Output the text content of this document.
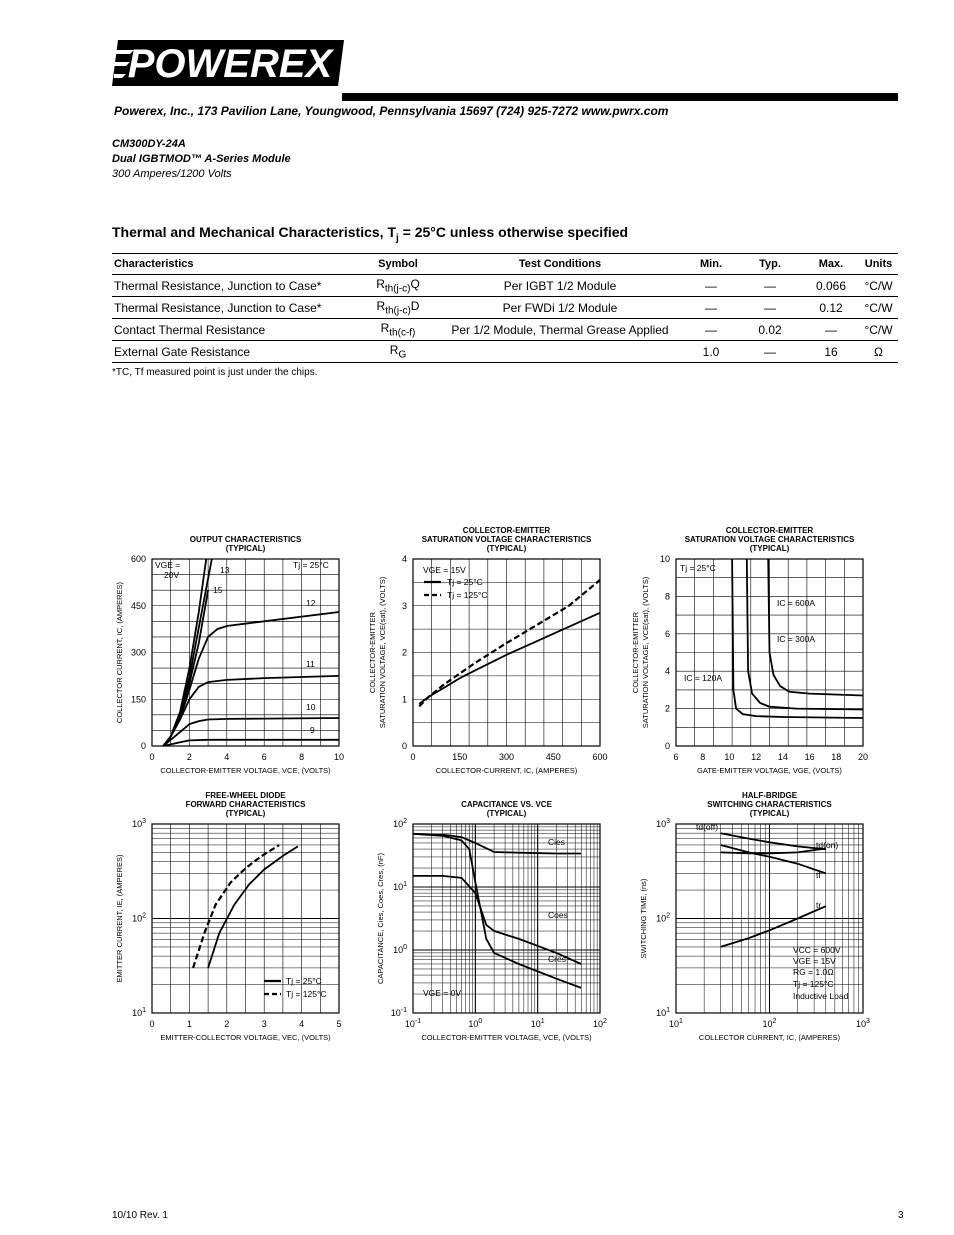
POWEREX
Powerex, Inc., 173 Pavilion Lane, Youngwood, Pennsylvania 15697 (724) 925-7272 www.pwrx.com
CM300DY-24A
Dual IGBTMOD™ A-Series Module
300 Amperes/1200 Volts
Thermal and Mechanical Characteristics, $T_j = 25^\circ C$ unless otherwise specified
Characteristics	Symbol	Test Conditions	Min.	Typ.	Max.	Units
Thermal Resistance, Junction to Case*	$R_{th(j-c)}Q$	Per IGBT 1/2 Module	—	—	0.066	°C/W
Thermal Resistance, Junction to Case*	$R_{th(j-c)}D$	Per FWDi 1/2 Module	—	—	0.12	°C/W
Contact Thermal Resistance	$R_{th(c-f)}$	Per 1/2 Module, Thermal Grease Applied	—	0.02	—	°C/W
External Gate Resistance	$R_G$		1.0	—	16	Ω
*TC, Tf measured point is just under the chips.
0	2	4	6	8	10
0
150
300
450
600
OUTPUT CHARACTERISTICS
(TYPICAL)
COLLECTOR-EMITTER VOLTAGE, VCE, (VOLTS)
COLLECTOR CURRENT, IC, (AMPERES)
0	150	300	450	600
0
1
2
3
4
COLLECTOR-EMITTER
SATURATION VOLTAGE CHARACTERISTICS
(TYPICAL)
COLLECTOR-CURRENT, IC, (AMPERES)
COLLECTOR-EMITTER SATURATION VOLTAGE, VCE(sat), (VOLTS)
6 8 10 12 14 16 18 20
0
2
4
6
8
10
COLLECTOR-EMITTER
SATURATION VOLTAGE CHARACTERISTICS
(TYPICAL)
GATE-EMITTER VOLTAGE, VGE, (VOLTS)
COLLECTOR-EMITTER SATURATION VOLTAGE, VCE(sat), (VOLTS)
0	1	2	3	4	5
$10^1$
$10^2$
$10^3$
FREE-WHEEL DIODE
FORWARD CHARACTERISTICS
(TYPICAL)
EMITTER-COLLECTOR VOLTAGE, VEC, (VOLTS)
EMITTER CURRENT, IE, (AMPERES)
$10^{-1}$	$10^0$	$10^1$	$10^2$
$10^{-1}$
$10^0$
$10^1$
$10^2$
CAPACITANCE VS. VCE
(TYPICAL)
COLLECTOR-EMITTER VOLTAGE, VCE, (VOLTS)
CAPACITANCE, Cies, Coes, Cres, (nF)
$10^1$	$10^2$	$10^3$
$10^1$
$10^2$
$10^3$
HALF-BRIDGE
SWITCHING CHARACTERISTICS
(TYPICAL)
COLLECTOR CURRENT, IC, (AMPERES)
SWITCHING TIME, (ns)
VGE =
20V
Tj = 25°C
13
15
12
11
10
9
VGE = 15V
Tj = 25°C
Tj = 125°C
Tj = 25°C
IC = 600A
IC = 300A
IC = 120A
Tj = 25°C
Tj = 125°C
Cies
Coes
Cres
VGE = 0V
td(off)
td(on)
tf
tr
VCC = 600V
VGE = 15V
RG = 1.0Ω
Tj = 125°C
Inductive Load
10/10 Rev. 1	3
